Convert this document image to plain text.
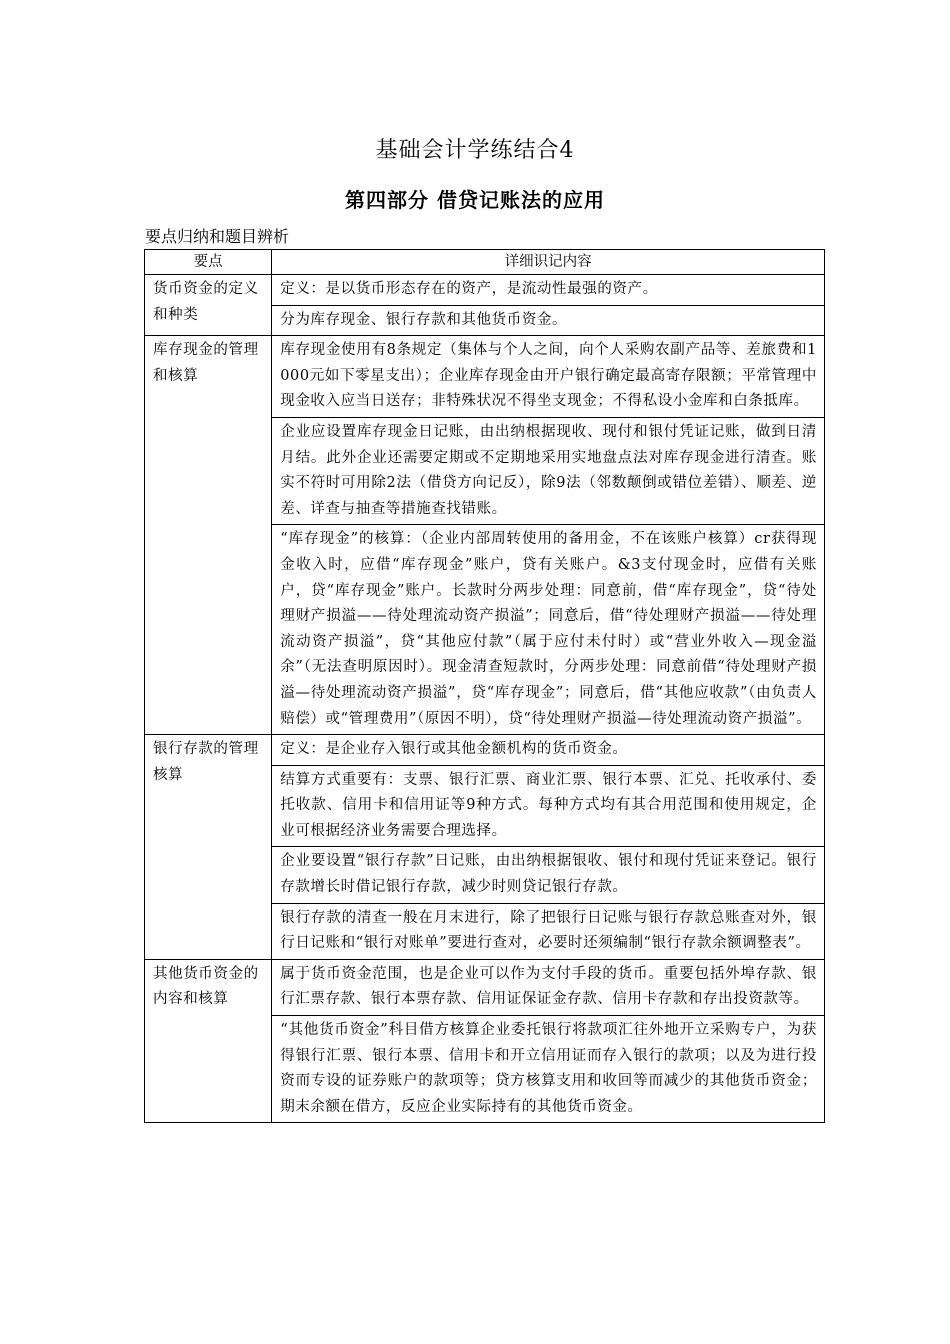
基础会计学练结合4
第四部分 借贷记账法的应用
要点归纳和题目辨析
要点	详细识记内容
货币资金的定义和种类	定义：是以货币形态存在的资产，是流动性最强的资产。
	分为库存现金、银行存款和其他货币资金。
库存现金的管理和核算	库存现金使用有8条规定（集体与个人之间，向个人采购农副产品等、差旅费和1000元如下零星支出）；企业库存现金由开户银行确定最高寄存限额；平常管理中现金收入应当日送存；非特殊状况不得坐支现金；不得私设小金库和白条抵库。
	企业应设置库存现金日记账，由出纳根据现收、现付和银付凭证记账，做到日清月结。此外企业还需要定期或不定期地采用实地盘点法对库存现金进行清查。账实不符时可用除2法（借贷方向记反），除9法（邻数颠倒或错位差错）、顺差、逆差、详查与抽查等措施查找错账。
	“库存现金”的核算：（企业内部周转使用的备用金，不在该账户核算）cr获得现金收入时，应借“库存现金”账户，贷有关账户。&3支付现金时，应借有关账户，贷“库存现金”账户。长款时分两步处理：同意前，借“库存现金”，贷“待处理财产损溢——待处理流动资产损溢”；同意后，借“待处理财产损溢——待处理流动资产损溢”，贷“其他应付款”（属于应付未付时）或“营业外收入—现金溢余”（无法查明原因时）。现金清查短款时，分两步处理：同意前借“待处理财产损溢—待处理流动资产损溢”，贷“库存现金”；同意后，借“其他应收款”（由负责人赔偿）或“管理费用”（原因不明），贷“待处理财产损溢—待处理流动资产损溢”。
银行存款的管理核算	定义：是企业存入银行或其他金额机构的货币资金。
	结算方式重要有：支票、银行汇票、商业汇票、银行本票、汇兑、托收承付、委托收款、信用卡和信用证等9种方式。每种方式均有其合用范围和使用规定，企业可根据经济业务需要合理选择。
	企业要设置“银行存款”日记账，由出纳根据银收、银付和现付凭证来登记。银行存款增长时借记银行存款，减少时则贷记银行存款。
	银行存款的清查一般在月末进行，除了把银行日记账与银行存款总账查对外，银行日记账和“银行对账单”要进行查对，必要时还须编制“银行存款余额调整表”。
其他货币资金的内容和核算	属于货币资金范围，也是企业可以作为支付手段的货币。重要包括外埠存款、银行汇票存款、银行本票存款、信用证保证金存款、信用卡存款和存出投资款等。
	“其他货币资金”科目借方核算企业委托银行将款项汇往外地开立采购专户，为获得银行汇票、银行本票、信用卡和开立信用证而存入银行的款项；以及为进行投资而专设的证券账户的款项等；贷方核算支用和收回等而减少的其他货币资金；期末余额在借方，反应企业实际持有的其他货币资金。
